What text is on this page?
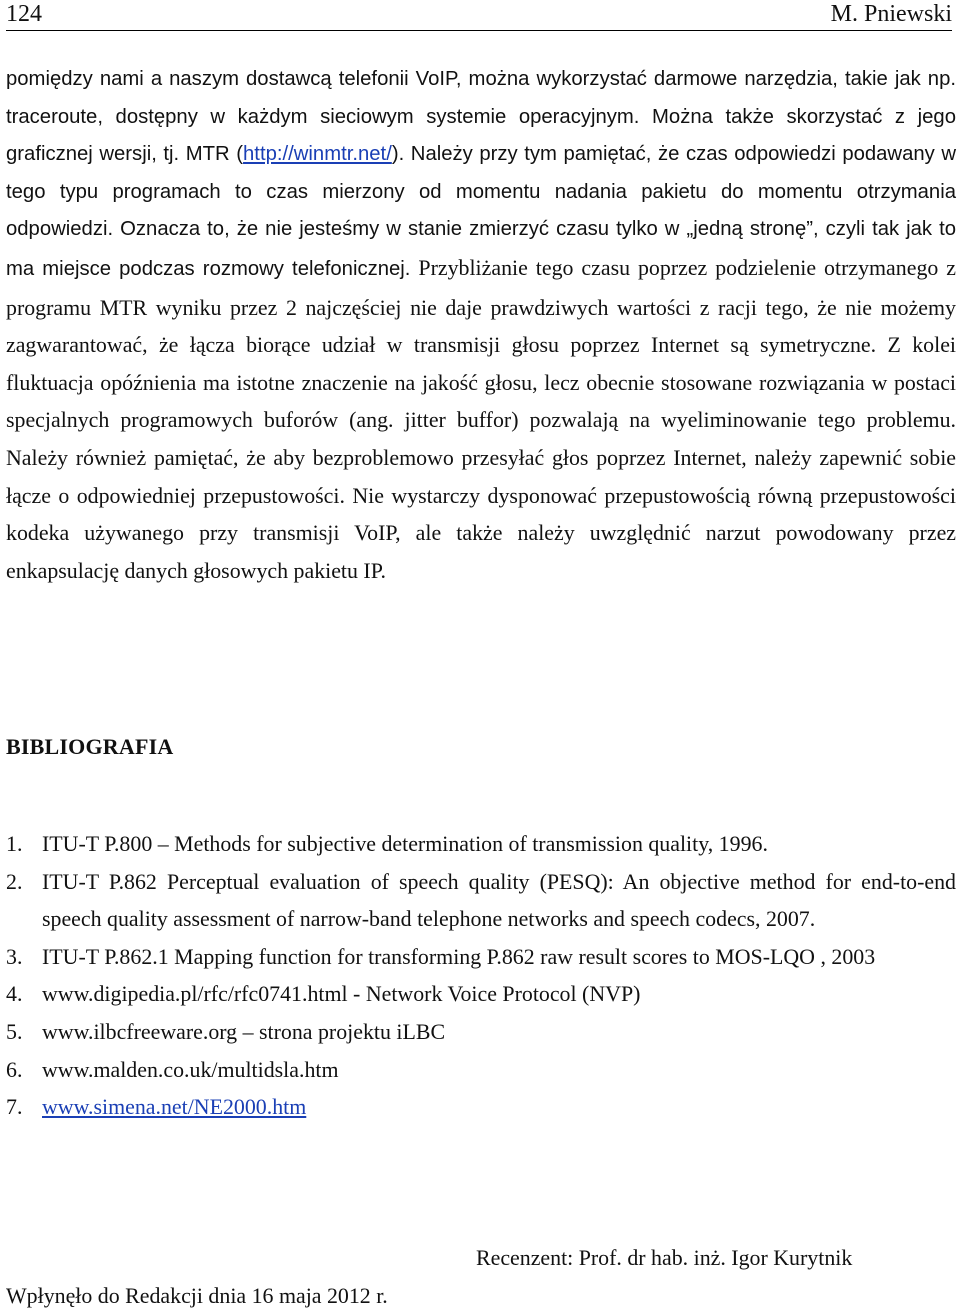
124	M. Pniewski

pomiędzy nami a naszym dostawcą telefonii VoIP, można wykorzystać darmowe narzędzia, takie jak np. traceroute, dostępny w każdym sieciowym systemie operacyjnym. Można także skorzystać z jego graficznej wersji, tj. MTR (http://winmtr.net/). Należy przy tym pamiętać, że czas odpowiedzi podawany w tego typu programach to czas mierzony od momentu nadania pakietu do momentu otrzymania odpowiedzi. Oznacza to, że nie jesteśmy w stanie zmierzyć czasu tylko w „jedną stronę”, czyli tak jak to ma miejsce podczas rozmowy telefonicznej. Przybliżanie tego czasu poprzez podzielenie otrzymanego z programu MTR wyniku przez 2 najczęściej nie daje prawdziwych wartości z racji tego, że nie możemy zagwarantować, że łącza biorące udział w transmisji głosu poprzez Internet są symetryczne. Z kolei fluktuacja opóźnienia ma istotne znaczenie na jakość głosu, lecz obecnie stosowane rozwiązania w postaci specjalnych programowych buforów (ang. jitter buffor) pozwalają na wyeliminowanie tego problemu. Należy również pamiętać, że aby bezproblemowo przesyłać głos poprzez Internet, należy zapewnić sobie łącze o odpowiedniej przepustowości. Nie wystarczy dysponować przepustowością równą przepustowości kodeka używanego przy transmisji VoIP, ale także należy uwzględnić narzut powodowany przez enkapsulację danych głosowych pakietu IP.

BIBLIOGRAFIA
1. ITU-T P.800 – Methods for subjective determination of transmission quality, 1996.
2. ITU-T P.862 Perceptual evaluation of speech quality (PESQ): An objective method for end-to-end speech quality assessment of narrow-band telephone networks and speech codecs, 2007.
3. ITU-T P.862.1 Mapping function for transforming P.862 raw result scores to MOS-LQO , 2003
4. www.digipedia.pl/rfc/rfc0741.html - Network Voice Protocol (NVP)
5. www.ilbcfreeware.org – strona projektu iLBC
6. www.malden.co.uk/multidsla.htm
7. www.simena.net/NE2000.htm
Recenzent: Prof. dr hab. inż. Igor Kurytnik
Wpłynęło do Redakcji dnia 16 maja 2012 r.
